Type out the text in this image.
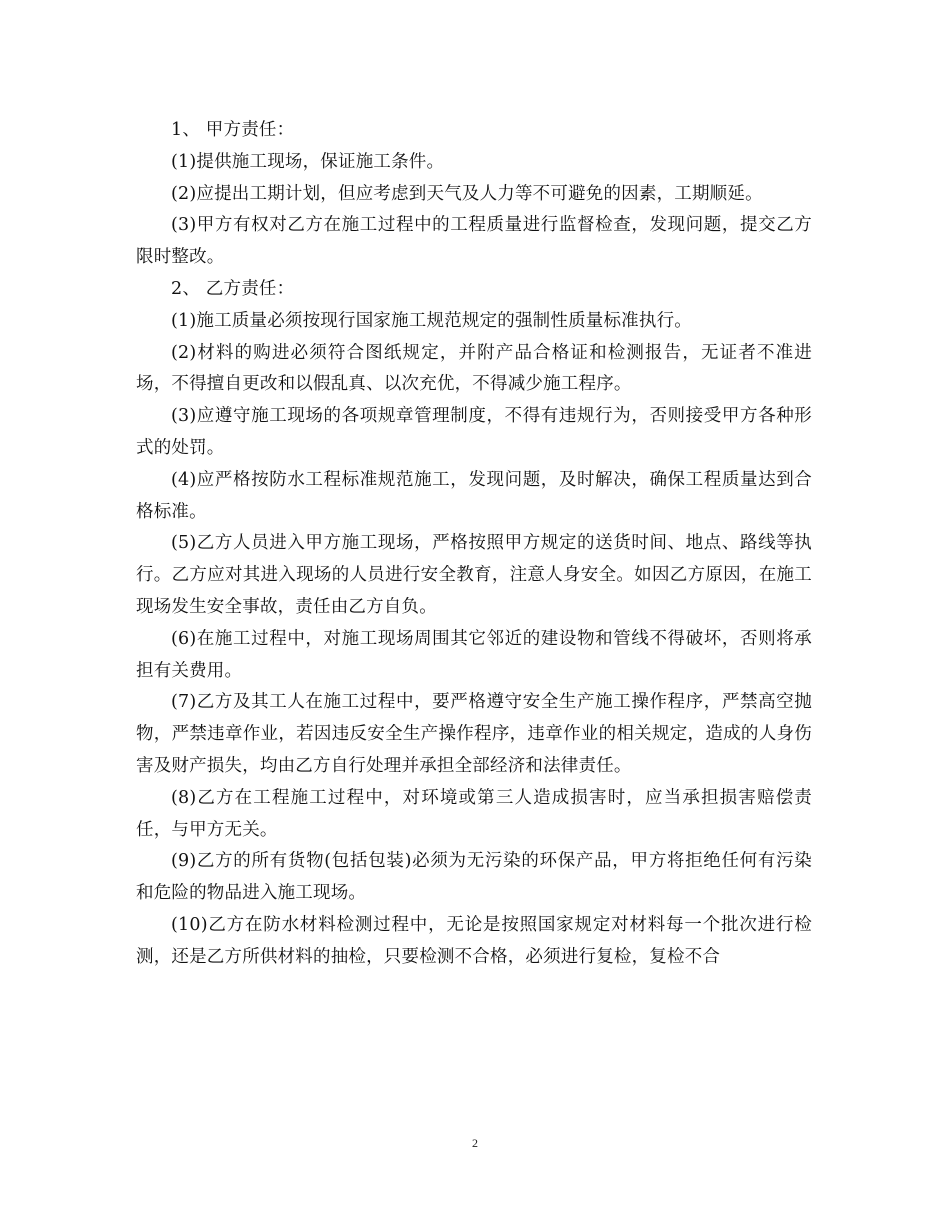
1、 甲方责任：

(1)提供施工现场，保证施工条件。

(2)应提出工期计划，但应考虑到天气及人力等不可避免的因素，工期顺延。

(3)甲方有权对乙方在施工过程中的工程质量进行监督检查，发现问题，提交乙方限时整改。

2、 乙方责任：

(1)施工质量必须按现行国家施工规范规定的强制性质量标准执行。

(2)材料的购进必须符合图纸规定，并附产品合格证和检测报告，无证者不准进场，不得擅自更改和以假乱真、以次充优，不得减少施工程序。

(3)应遵守施工现场的各项规章管理制度，不得有违规行为，否则接受甲方各种形式的处罚。

(4)应严格按防水工程标准规范施工，发现问题，及时解决，确保工程质量达到合格标准。

(5)乙方人员进入甲方施工现场，严格按照甲方规定的送货时间、地点、路线等执行。乙方应对其进入现场的人员进行安全教育，注意人身安全。如因乙方原因，在施工现场发生安全事故，责任由乙方自负。

(6)在施工过程中，对施工现场周围其它邻近的建设物和管线不得破坏，否则将承担有关费用。

(7)乙方及其工人在施工过程中，要严格遵守安全生产施工操作程序，严禁高空抛物，严禁违章作业，若因违反安全生产操作程序，违章作业的相关规定，造成的人身伤害及财产损失，均由乙方自行处理并承担全部经济和法律责任。

(8)乙方在工程施工过程中，对环境或第三人造成损害时，应当承担损害赔偿责任，与甲方无关。

(9)乙方的所有货物(包括包装)必须为无污染的环保产品，甲方将拒绝任何有污染和危险的物品进入施工现场。

(10)乙方在防水材料检测过程中，无论是按照国家规定对材料每一个批次进行检测，还是乙方所供材料的抽检，只要检测不合格，必须进行复检，复检不合

2
